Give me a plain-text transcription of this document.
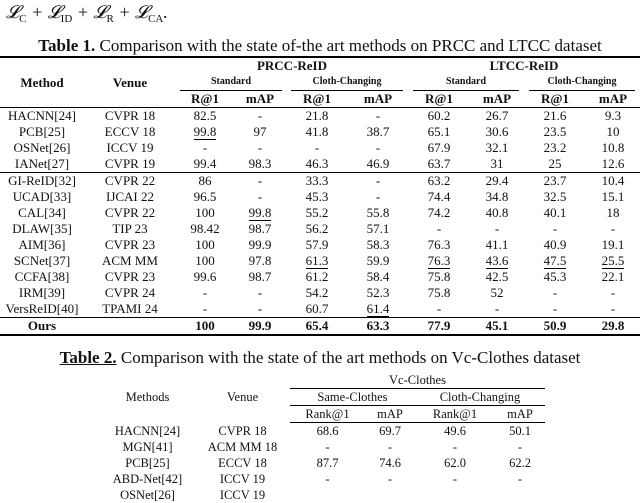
𝓛$_C$ + 𝓛$_{ID}$ + 𝓛$_R$ + 𝓛$_{CA}$.
Table 1. Comparison with the state of-the art methods on PRCC and LTCC dataset
Method	Venue	PRCC-ReID				LTCC-ReID			
		Standard		Cloth-Changing		Standard		Cloth-Changing	
		R@1	mAP	R@1	mAP	R@1	mAP	R@1	mAP
HACNN[24]	CVPR 18	82.5	-	21.8	-	60.2	26.7	21.6	9.3
PCB[25]	ECCV 18	99.8	97	41.8	38.7	65.1	30.6	23.5	10
OSNet[26]	ICCV 19	-	-	-	-	67.9	32.1	23.2	10.8
IANet[27]	CVPR 19	99.4	98.3	46.3	46.9	63.7	31	25	12.6
GI-ReID[32]	CVPR 22	86	-	33.3	-	63.2	29.4	23.7	10.4
UCAD[33]	IJCAI 22	96.5	-	45.3	-	74.4	34.8	32.5	15.1
CAL[34]	CVPR 22	100	99.8	55.2	55.8	74.2	40.8	40.1	18
DLAW[35]	TIP 23	98.42	98.7	56.2	57.1	-	-	-	-
AIM[36]	CVPR 23	100	99.9	57.9	58.3	76.3	41.1	40.9	19.1
SCNet[37]	ACM MM	100	97.8	61.3	59.9	76.3	43.6	47.5	25.5
CCFA[38]	CVPR 23	99.6	98.7	61.2	58.4	75.8	42.5	45.3	22.1
IRM[39]	CVPR 24	-	-	54.2	52.3	75.8	52	-	-
VersReID[40]	TPAMI 24	-	-	60.7	61.4	-	-	-	-
Ours		100	99.9	65.4	63.3	77.9	45.1	50.9	29.8
Table 2. Comparison with the state of the art methods on Vc-Clothes dataset
Methods	Venue	Vc-Clothes			
		Same-Clothes		Cloth-Changing	
		Rank@1	mAP	Rank@1	mAP
HACNN[24]	CVPR 18	68.6	69.7	49.6	50.1
MGN[41]	ACM MM 18	-	-	-	-
PCB[25]	ECCV 18	87.7	74.6	62.0	62.2
ABD-Net[42]	ICCV 19	-	-	-	-
OSNet[26]	ICCV 19				
